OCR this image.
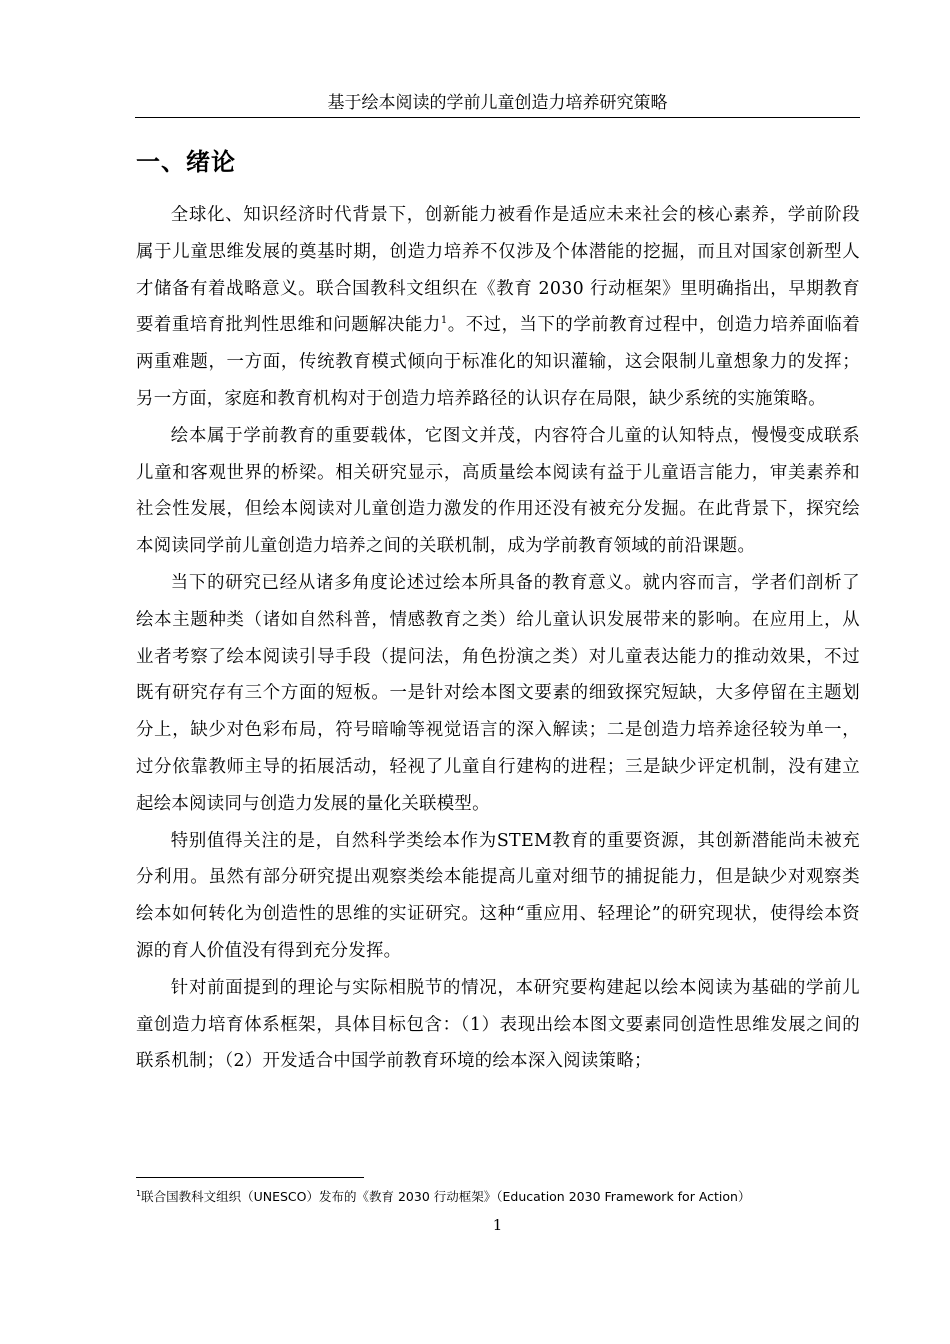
基于绘本阅读的学前儿童创造力培养研究策略
一、绪论

全球化、知识经济时代背景下，创新能力被看作是适应未来社会的核心素养，学前阶段属于儿童思维发展的奠基时期，创造力培养不仅涉及个体潜能的挖掘，而且对国家创新型人才储备有着战略意义。联合国教科文组织在《教育 2030 行动框架》里明确指出，早期教育要着重培育批判性思维和问题解决能力$^1$。不过，当下的学前教育过程中，创造力培养面临着两重难题，一方面，传统教育模式倾向于标准化的知识灌输，这会限制儿童想象力的发挥；另一方面，家庭和教育机构对于创造力培养路径的认识存在局限，缺少系统的实施策略。

绘本属于学前教育的重要载体，它图文并茂，内容符合儿童的认知特点，慢慢变成联系儿童和客观世界的桥梁。相关研究显示，高质量绘本阅读有益于儿童语言能力，审美素养和社会性发展，但绘本阅读对儿童创造力激发的作用还没有被充分发掘。在此背景下，探究绘本阅读同学前儿童创造力培养之间的关联机制，成为学前教育领域的前沿课题。

当下的研究已经从诸多角度论述过绘本所具备的教育意义。就内容而言，学者们剖析了绘本主题种类（诸如自然科普，情感教育之类）给儿童认识发展带来的影响。在应用上，从业者考察了绘本阅读引导手段（提问法，角色扮演之类）对儿童表达能力的推动效果，不过既有研究存有三个方面的短板。一是针对绘本图文要素的细致探究短缺，大多停留在主题划分上，缺少对色彩布局，符号暗喻等视觉语言的深入解读；二是创造力培养途径较为单一，过分依靠教师主导的拓展活动，轻视了儿童自行建构的进程；三是缺少评定机制，没有建立起绘本阅读同与创造力发展的量化关联模型。

特别值得关注的是，自然科学类绘本作为STEM教育的重要资源，其创新潜能尚未被充分利用。虽然有部分研究提出观察类绘本能提高儿童对细节的捕捉能力，但是缺少对观察类绘本如何转化为创造性的思维的实证研究。这种“重应用、轻理论”的研究现状，使得绘本资源的育人价值没有得到充分发挥。

针对前面提到的理论与实际相脱节的情况，本研究要构建起以绘本阅读为基础的学前儿童创造力培育体系框架，具体目标包含：（1）表现出绘本图文要素同创造性思维发展之间的联系机制；（2）开发适合中国学前教育环境的绘本深入阅读策略；

$^1$联合国教科文组织（UNESCO）发布的《教育 2030 行动框架》（Education 2030 Framework for Action）
1
